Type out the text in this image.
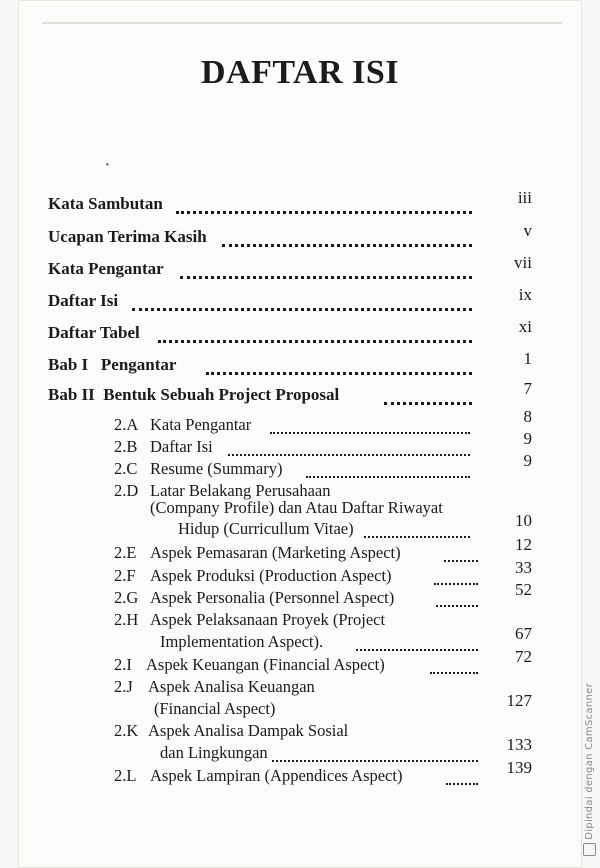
·
DAFTAR ISI
Kata Sambutan	iii
Ucapan Terima Kasih	v
Kata Pengantar	vii
Daftar Isi	ix
Daftar Tabel	xi
Bab I   Pengantar	1
Bab II  Bentuk Sebuah Project Proposal	7
2.A Kata Pengantar	8
2.B Daftar Isi	9
2.C Resume (Summary)	9
2.D Latar Belakang Perusahaan
(Company Profile) dan Atau Daftar Riwayat
Hidup (Curricullum Vitae)	10
2.E Aspek Pemasaran (Marketing Aspect)	12
2.F Aspek Produksi (Production Aspect)	33
2.G Aspek Personalia (Personnel Aspect)	52
2.H Aspek Pelaksanaan Proyek (Project
Implementation Aspect).	67
2.I Aspek Keuangan (Financial Aspect)	72
2.J Aspek Analisa Keuangan
(Financial Aspect)	127
2.K Aspek Analisa Dampak Sosial
dan Lingkungan	133
2.L Aspek Lampiran (Appendices Aspect)	139	Dipindai dengan CamScanner
